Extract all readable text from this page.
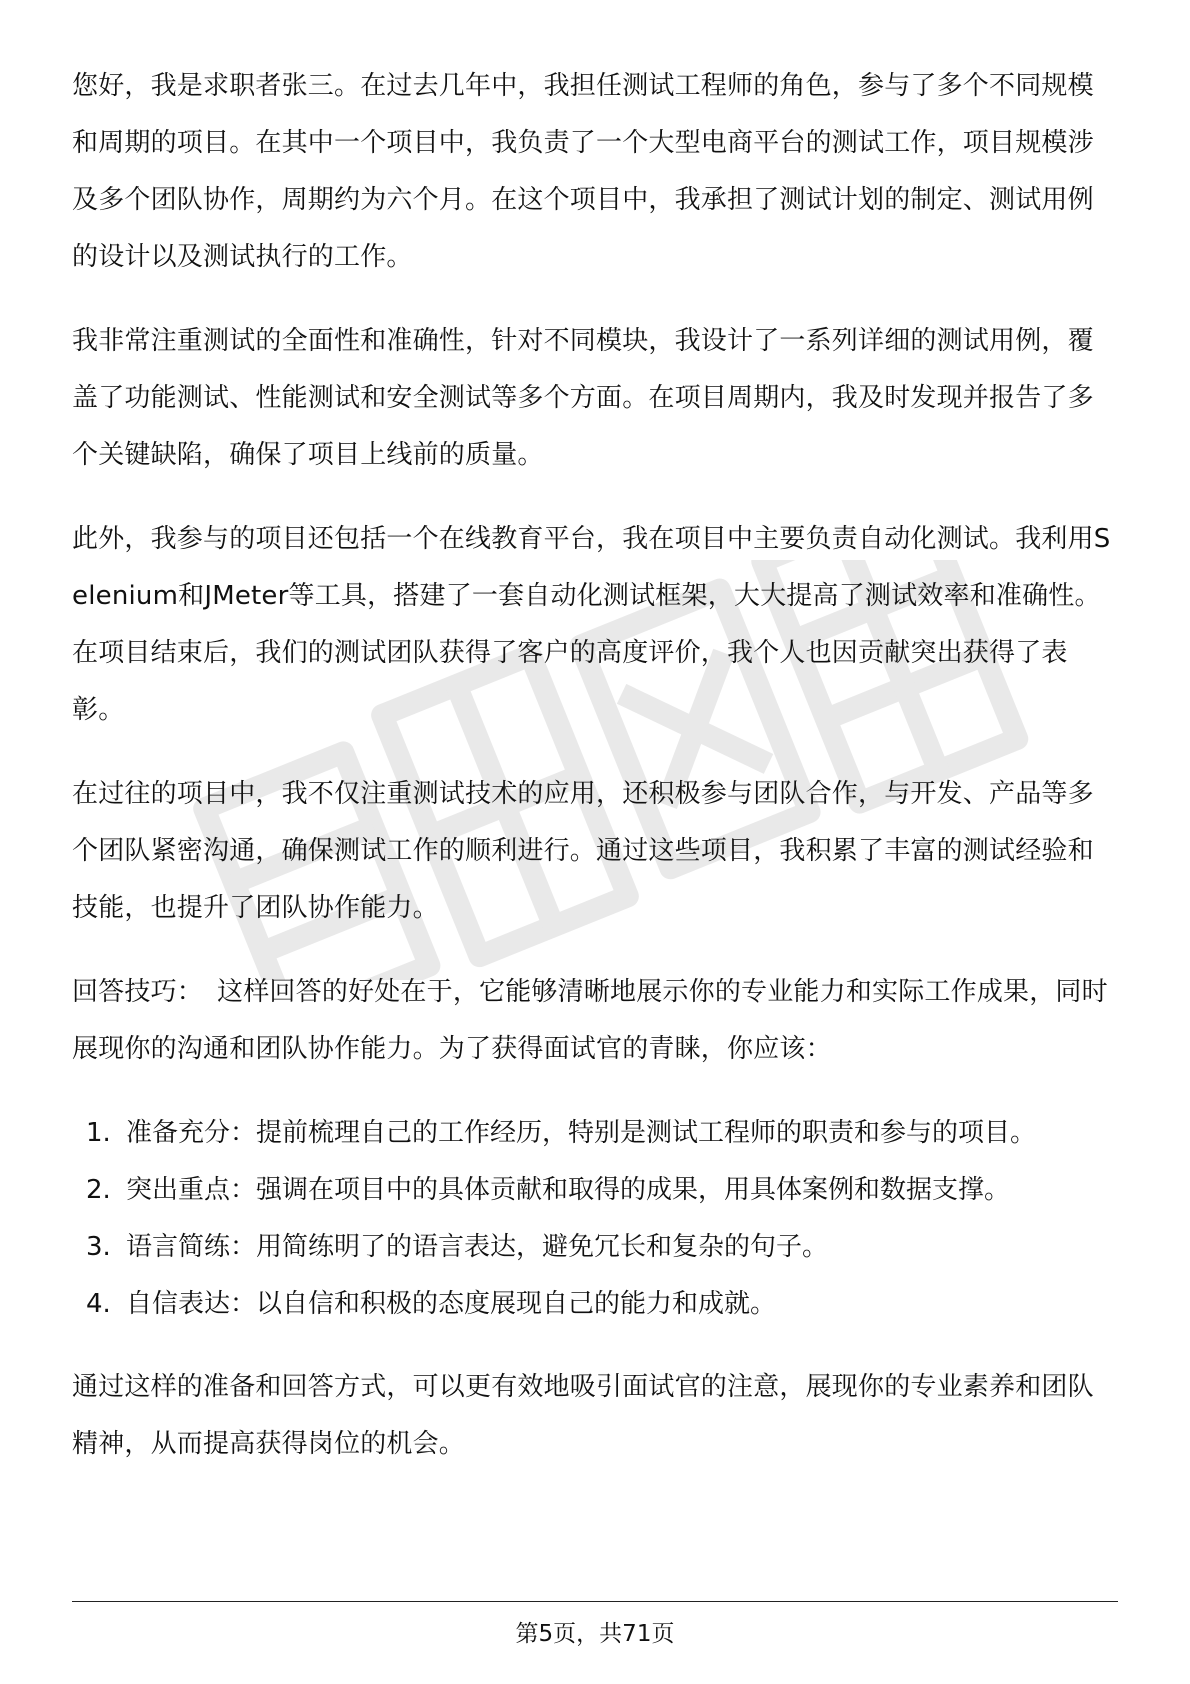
您好，我是求职者张三。在过去几年中，我担任测试工程师的角色，参与了多个不同规模和周期的项目。在其中一个项目中，我负责了一个大型电商平台的测试工作，项目规模涉及多个团队协作，周期约为六个月。在这个项目中，我承担了测试计划的制定、测试用例的设计以及测试执行的工作。

我非常注重测试的全面性和准确性，针对不同模块，我设计了一系列详细的测试用例，覆盖了功能测试、性能测试和安全测试等多个方面。在项目周期内，我及时发现并报告了多个关键缺陷，确保了项目上线前的质量。

此外，我参与的项目还包括一个在线教育平台，我在项目中主要负责自动化测试。我利用Selenium和JMeter等工具，搭建了一套自动化测试框架，大大提高了测试效率和准确性。在项目结束后，我们的测试团队获得了客户的高度评价，我个人也因贡献突出获得了表彰。

在过往的项目中，我不仅注重测试技术的应用，还积极参与团队合作，与开发、产品等多个团队紧密沟通，确保测试工作的顺利进行。通过这些项目，我积累了丰富的测试经验和技能，也提升了团队协作能力。

回答技巧： 这样回答的好处在于，它能够清晰地展示你的专业能力和实际工作成果，同时展现你的沟通和团队协作能力。为了获得面试官的青睐，你应该：

1. 准备充分：提前梳理自己的工作经历，特别是测试工程师的职责和参与的项目。
2. 突出重点：强调在项目中的具体贡献和取得的成果，用具体案例和数据支撑。
3. 语言简练：用简练明了的语言表达，避免冗长和复杂的句子。
4. 自信表达：以自信和积极的态度展现自己的能力和成就。

通过这样的准备和回答方式，可以更有效地吸引面试官的注意，展现你的专业素养和团队精神，从而提高获得岗位的机会。

第5页，共71页
